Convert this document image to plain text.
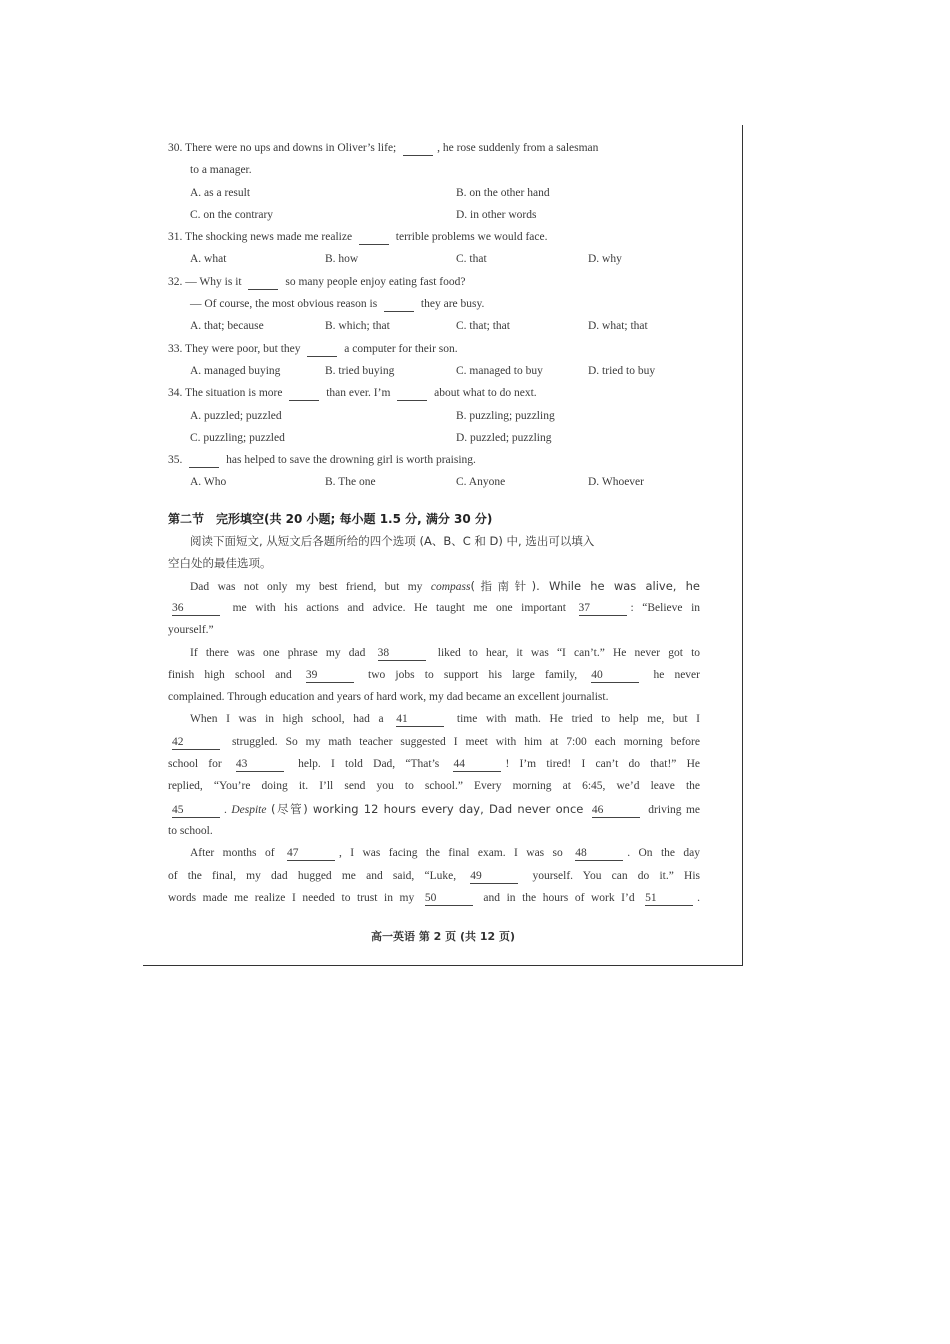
30. There were no ups and downs in Oliver’s life;	, he rose suddenly from a salesman
to a manager.
A. as a result	B. on the other hand
C. on the contrary	D. in other words
31. The shocking news made me realize	terrible problems we would face.
A. what	B. how	C. that	D. why
32. — Why is it	so many people enjoy eating fast food?
— Of course, the most obvious reason is	they are busy.
A. that; because	B. which; that	C. that; that	D. what; that
33. They were poor, but they	a computer for their son.
A. managed buying	B. tried buying	C. managed to buy	D. tried to buy
34. The situation is more	than ever. I’m	about what to do next.
A. puzzled; puzzled	B. puzzling; puzzling
C. puzzling; puzzled	D. puzzled; puzzling
35.	has helped to save the drowning girl is worth praising.
A. Who	B. The one	C. Anyone	D. Whoever
第二节　完形填空(共 20 小题; 每小题 1.5 分, 满分 30 分)
阅读下面短文, 从短文后各题所给的四个选项 (A、B、C 和 D) 中, 选出可以填入
空白处的最佳选项。
Dad was not only my best friend, but my compass(指南针). While he was alive, he
36	me with his actions and advice. He taught me one important 37	: “Believe in
yourself.”
If there was one phrase my dad 38	liked to hear, it was “I can’t.” He never got to
finish high school and 39	two jobs to support his large family, 40	he never
complained. Through education and years of hard work, my dad became an excellent journalist.
When I was in high school, had a 41	time with math. He tried to help me, but I
42	struggled. So my math teacher suggested I meet with him at 7:00 each morning before
school for 43	help. I told Dad, “That’s 44	! I’m tired! I can’t do that!” He
replied, “You’re doing it. I’ll send you to school.” Every morning at 6:45, we’d leave the
45	. Despite (尽管) working 12 hours every day, Dad never once 46	driving me
to school.
After months of 47	, I was facing the final exam. I was so 48	. On the day
of the final, my dad hugged me and said, “Luke, 49	yourself. You can do it.” His
words made me realize I needed to trust in my 50	and in the hours of work I’d 51	.
高一英语 第 2 页 (共 12 页)
